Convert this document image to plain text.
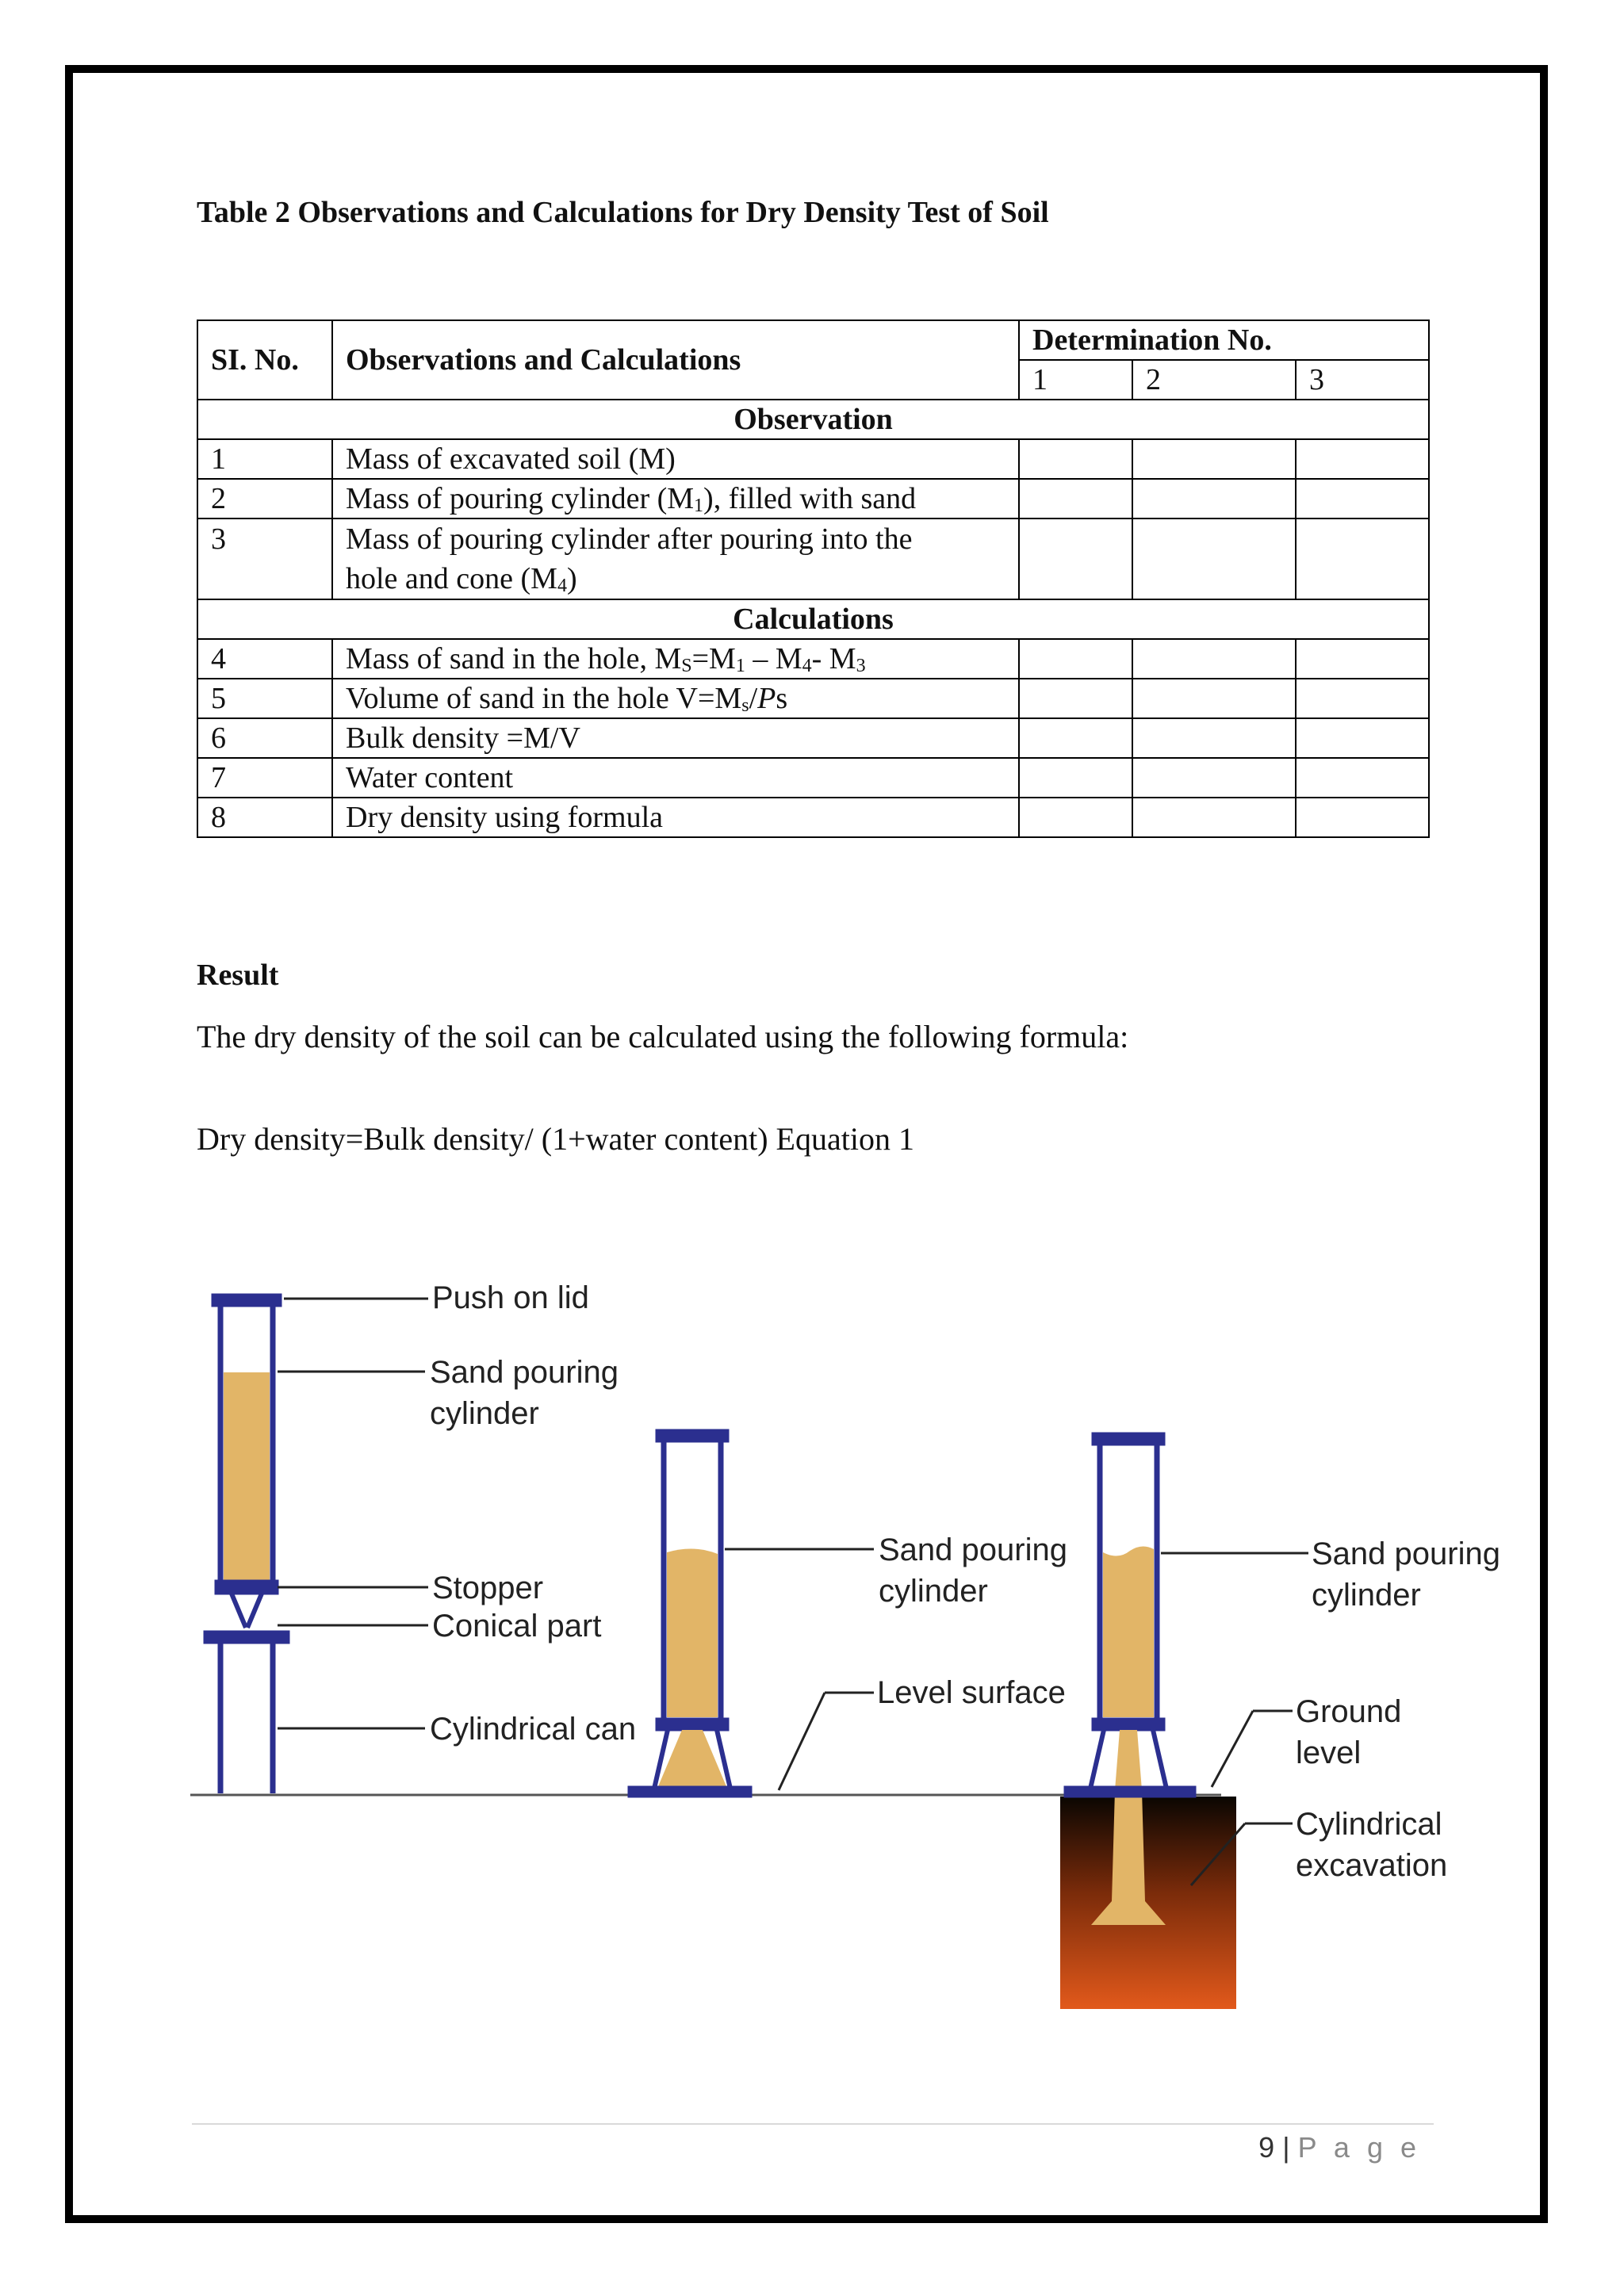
Table 2 Observations and Calculations for Dry Density Test of Soil
SI. No.	Observations and Calculations	Determination No.		
		1	2	3
Observation				
1	Mass of excavated soil (M)			
2	Mass of pouring cylinder $(M_1)$, filled with sand			
3	Mass of pouring cylinder after pouring into the
hole and cone $(M_4)$			
Calculations				
4	Mass of sand in the hole, $M_S=M_1 - M_4-$ $M_3$			
5	Volume of sand in the hole $V=M_s/Ps$			
6	Bulk density =M/V			
7	Water content			
8	Dry density using formula			
Result
The dry density of the soil can be calculated using the following formula:
Dry density=Bulk density/ (1+water content) Equation 1
Push on lid
Sand pouring
cylinder
Stopper
Conical part
Cylindrical can
Sand pouring
cylinder
Level surface
Sand pouring
cylinder
Ground
level
Cylindrical
excavation
9 | P a g e
